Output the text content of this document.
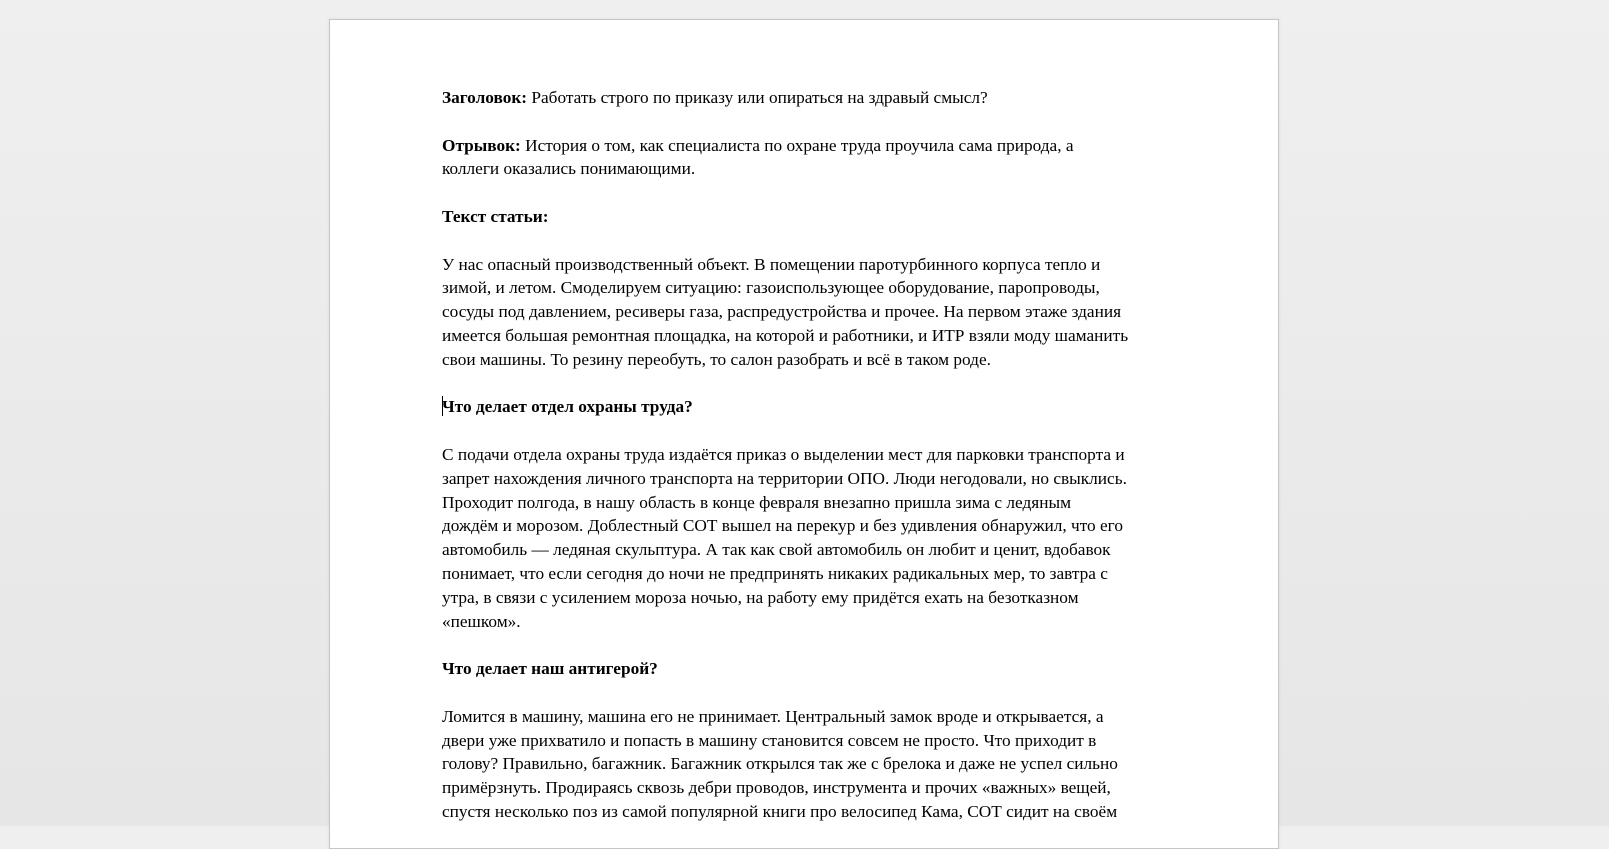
Заголовок: Работать строго по приказу или опираться на здравый смысл?

Отрывок: История о том, как специалиста по охране труда проучила сама природа, а
коллеги оказались понимающими.

Текст статьи:

У нас опасный производственный объект. В помещении паротурбинного корпуса тепло и
зимой, и летом. Смоделируем ситуацию: газоиспользующее оборудование, паропроводы,
сосуды под давлением, ресиверы газа, распредустройства и прочее. На первом этаже здания
имеется большая ремонтная площадка, на которой и работники, и ИТР взяли моду шаманить
свои машины. То резину переобуть, то салон разобрать и всё в таком роде.

Что делает отдел охраны труда?

С подачи отдела охраны труда издаётся приказ о выделении мест для парковки транспорта и
запрет нахождения личного транспорта на территории ОПО. Люди негодовали, но свыклись.
Проходит полгода, в нашу область в конце февраля внезапно пришла зима с ледяным
дождём и морозом. Доблестный СОТ вышел на перекур и без удивления обнаружил, что его
автомобиль — ледяная скульптура. А так как свой автомобиль он любит и ценит, вдобавок
понимает, что если сегодня до ночи не предпринять никаких радикальных мер, то завтра с
утра, в связи с усилением мороза ночью, на работу ему придётся ехать на безотказном
«пешком».

Что делает наш антигерой?

Ломится в машину, машина его не принимает. Центральный замок вроде и открывается, а
двери уже прихватило и попасть в машину становится совсем не просто. Что приходит в
голову? Правильно, багажник. Багажник открылся так же с брелока и даже не успел сильно
примёрзнуть. Продираясь сквозь дебри проводов, инструмента и прочих «важных» вещей,
спустя несколько поз из самой популярной книги про велосипед Кама, СОТ сидит на своём
